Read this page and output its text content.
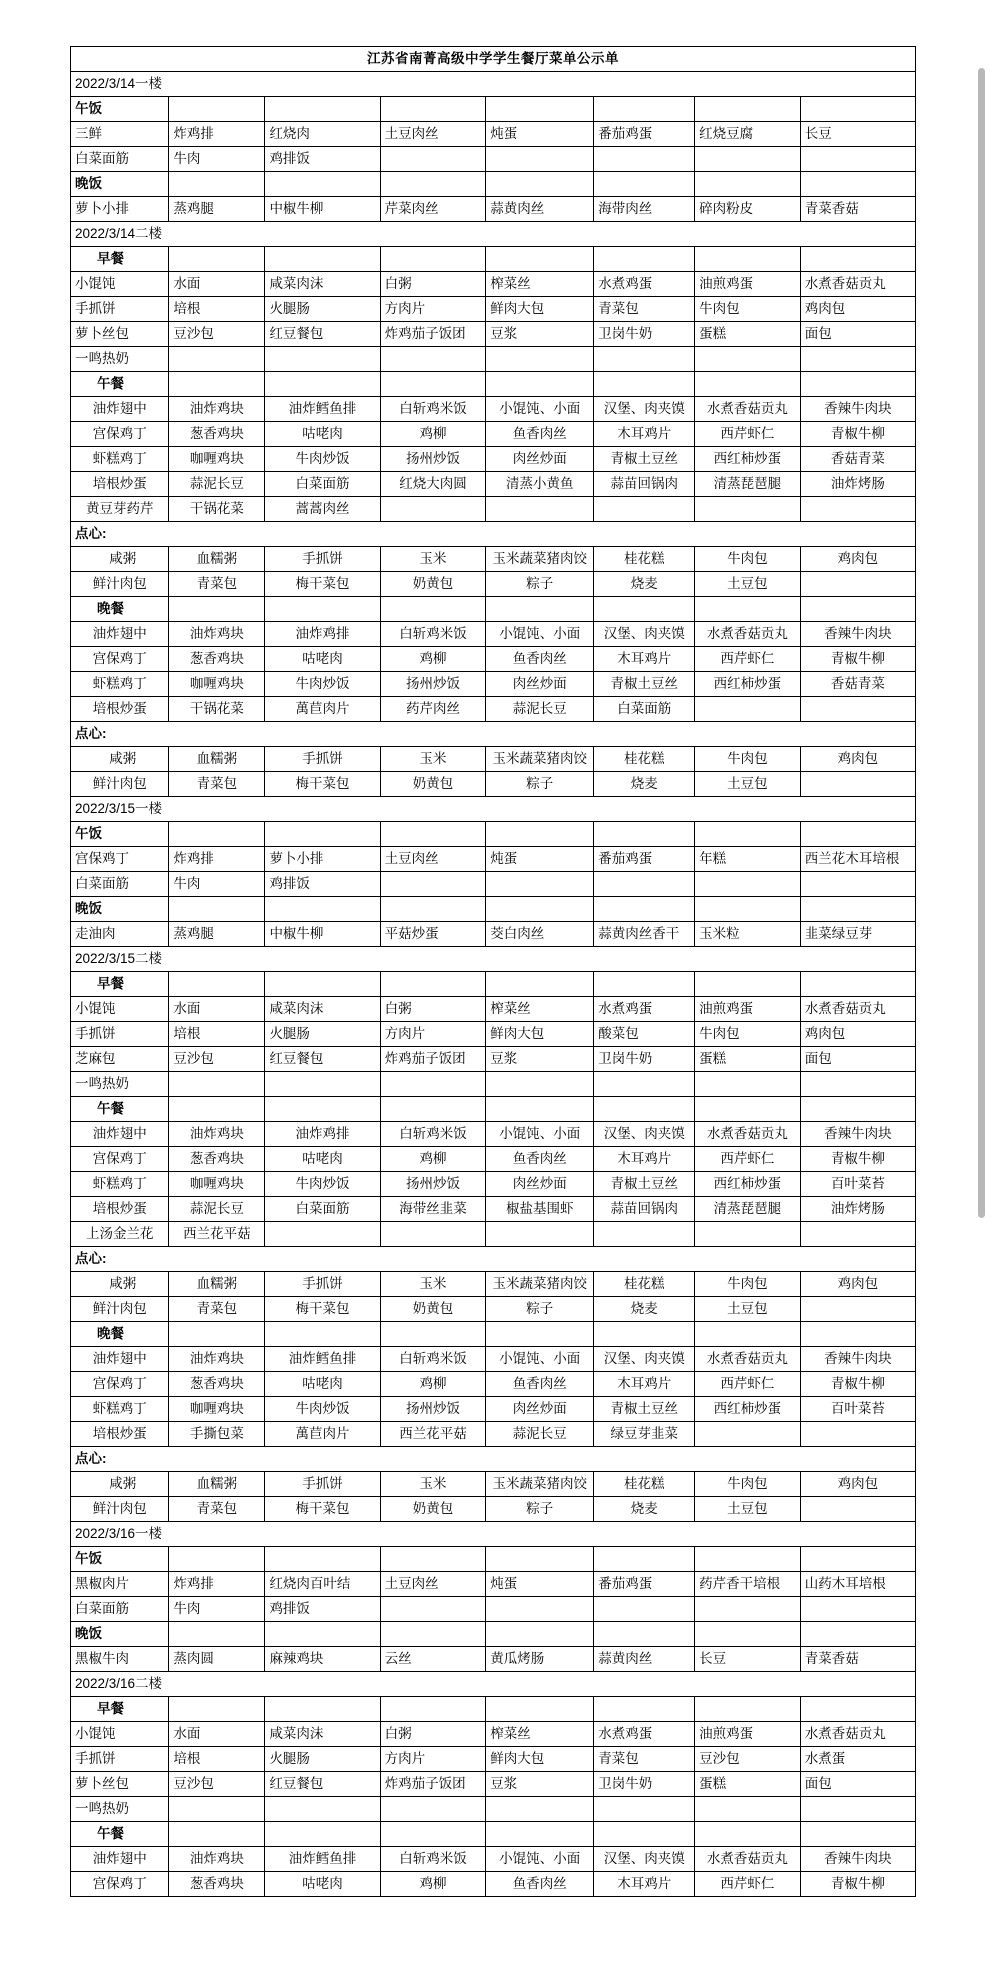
江苏省南菁高级中学学生餐厅菜单公示单							
2022/3/14一楼							
午饭							
三鲜	炸鸡排	红烧肉	土豆肉丝	炖蛋	番茄鸡蛋	红烧豆腐	长豆
白菜面筋	牛肉	鸡排饭					
晚饭							
萝卜小排	蒸鸡腿	中椒牛柳	芹菜肉丝	蒜黄肉丝	海带肉丝	碎肉粉皮	青菜香菇
2022/3/14二楼							
早餐							
小馄饨	水面	咸菜肉沫	白粥	榨菜丝	水煮鸡蛋	油煎鸡蛋	水煮香菇贡丸
手抓饼	培根	火腿肠	方肉片	鲜肉大包	青菜包	牛肉包	鸡肉包
萝卜丝包	豆沙包	红豆餐包	炸鸡茄子饭团	豆浆	卫岗牛奶	蛋糕	面包
一鸣热奶							
午餐							
油炸翅中	油炸鸡块	油炸鳕鱼排	白斩鸡米饭	小馄饨、小面	汉堡、肉夹馍	水煮香菇贡丸	香辣牛肉块
宫保鸡丁	葱香鸡块	咕咾肉	鸡柳	鱼香肉丝	木耳鸡片	西芹虾仁	青椒牛柳
虾糕鸡丁	咖喱鸡块	牛肉炒饭	扬州炒饭	肉丝炒面	青椒土豆丝	西红柿炒蛋	香菇青菜
培根炒蛋	蒜泥长豆	白菜面筋	红烧大肉圆	清蒸小黄鱼	蒜苗回锅肉	清蒸琵琶腿	油炸烤肠
黄豆芽药芹	干锅花菜	蒿蒿肉丝					
点心:							
咸粥	血糯粥	手抓饼	玉米	玉米蔬菜猪肉饺	桂花糕	牛肉包	鸡肉包
鲜汁肉包	青菜包	梅干菜包	奶黄包	粽子	烧麦	土豆包	
晚餐							
油炸翅中	油炸鸡块	油炸鸡排	白斩鸡米饭	小馄饨、小面	汉堡、肉夹馍	水煮香菇贡丸	香辣牛肉块
宫保鸡丁	葱香鸡块	咕咾肉	鸡柳	鱼香肉丝	木耳鸡片	西芹虾仁	青椒牛柳
虾糕鸡丁	咖喱鸡块	牛肉炒饭	扬州炒饭	肉丝炒面	青椒土豆丝	西红柿炒蛋	香菇青菜
培根炒蛋	干锅花菜	萬苣肉片	药芹肉丝	蒜泥长豆	白菜面筋		
点心:							
咸粥	血糯粥	手抓饼	玉米	玉米蔬菜猪肉饺	桂花糕	牛肉包	鸡肉包
鲜汁肉包	青菜包	梅干菜包	奶黄包	粽子	烧麦	土豆包	
2022/3/15一楼							
午饭							
宫保鸡丁	炸鸡排	萝卜小排	土豆肉丝	炖蛋	番茄鸡蛋	年糕	西兰花木耳培根
白菜面筋	牛肉	鸡排饭					
晚饭							
走油肉	蒸鸡腿	中椒牛柳	平菇炒蛋	茭白肉丝	蒜黄肉丝香干	玉米粒	韭菜绿豆芽
2022/3/15二楼							
早餐							
小馄饨	水面	咸菜肉沫	白粥	榨菜丝	水煮鸡蛋	油煎鸡蛋	水煮香菇贡丸
手抓饼	培根	火腿肠	方肉片	鲜肉大包	酸菜包	牛肉包	鸡肉包
芝麻包	豆沙包	红豆餐包	炸鸡茄子饭团	豆浆	卫岗牛奶	蛋糕	面包
一鸣热奶							
午餐							
油炸翅中	油炸鸡块	油炸鸡排	白斩鸡米饭	小馄饨、小面	汉堡、肉夹馍	水煮香菇贡丸	香辣牛肉块
宫保鸡丁	葱香鸡块	咕咾肉	鸡柳	鱼香肉丝	木耳鸡片	西芹虾仁	青椒牛柳
虾糕鸡丁	咖喱鸡块	牛肉炒饭	扬州炒饭	肉丝炒面	青椒土豆丝	西红柿炒蛋	百叶菜苔
培根炒蛋	蒜泥长豆	白菜面筋	海带丝韭菜	椒盐基围虾	蒜苗回锅肉	清蒸琵琶腿	油炸烤肠
上汤金兰花	西兰花平菇						
点心:							
咸粥	血糯粥	手抓饼	玉米	玉米蔬菜猪肉饺	桂花糕	牛肉包	鸡肉包
鲜汁肉包	青菜包	梅干菜包	奶黄包	粽子	烧麦	土豆包	
晚餐							
油炸翅中	油炸鸡块	油炸鳕鱼排	白斩鸡米饭	小馄饨、小面	汉堡、肉夹馍	水煮香菇贡丸	香辣牛肉块
宫保鸡丁	葱香鸡块	咕咾肉	鸡柳	鱼香肉丝	木耳鸡片	西芹虾仁	青椒牛柳
虾糕鸡丁	咖喱鸡块	牛肉炒饭	扬州炒饭	肉丝炒面	青椒土豆丝	西红柿炒蛋	百叶菜苔
培根炒蛋	手撕包菜	萬苣肉片	西兰花平菇	蒜泥长豆	绿豆芽韭菜		
点心:							
咸粥	血糯粥	手抓饼	玉米	玉米蔬菜猪肉饺	桂花糕	牛肉包	鸡肉包
鲜汁肉包	青菜包	梅干菜包	奶黄包	粽子	烧麦	土豆包	
2022/3/16一楼							
午饭							
黑椒肉片	炸鸡排	红烧肉百叶结	土豆肉丝	炖蛋	番茄鸡蛋	药芹香干培根	山药木耳培根
白菜面筋	牛肉	鸡排饭					
晚饭							
黑椒牛肉	蒸肉圆	麻辣鸡块	云丝	黄瓜烤肠	蒜黄肉丝	长豆	青菜香菇
2022/3/16二楼							
早餐							
小馄饨	水面	咸菜肉沫	白粥	榨菜丝	水煮鸡蛋	油煎鸡蛋	水煮香菇贡丸
手抓饼	培根	火腿肠	方肉片	鲜肉大包	青菜包	豆沙包	水煮蛋
萝卜丝包	豆沙包	红豆餐包	炸鸡茄子饭团	豆浆	卫岗牛奶	蛋糕	面包
一鸣热奶							
午餐							
油炸翅中	油炸鸡块	油炸鳕鱼排	白斩鸡米饭	小馄饨、小面	汉堡、肉夹馍	水煮香菇贡丸	香辣牛肉块
宫保鸡丁	葱香鸡块	咕咾肉	鸡柳	鱼香肉丝	木耳鸡片	西芹虾仁	青椒牛柳
